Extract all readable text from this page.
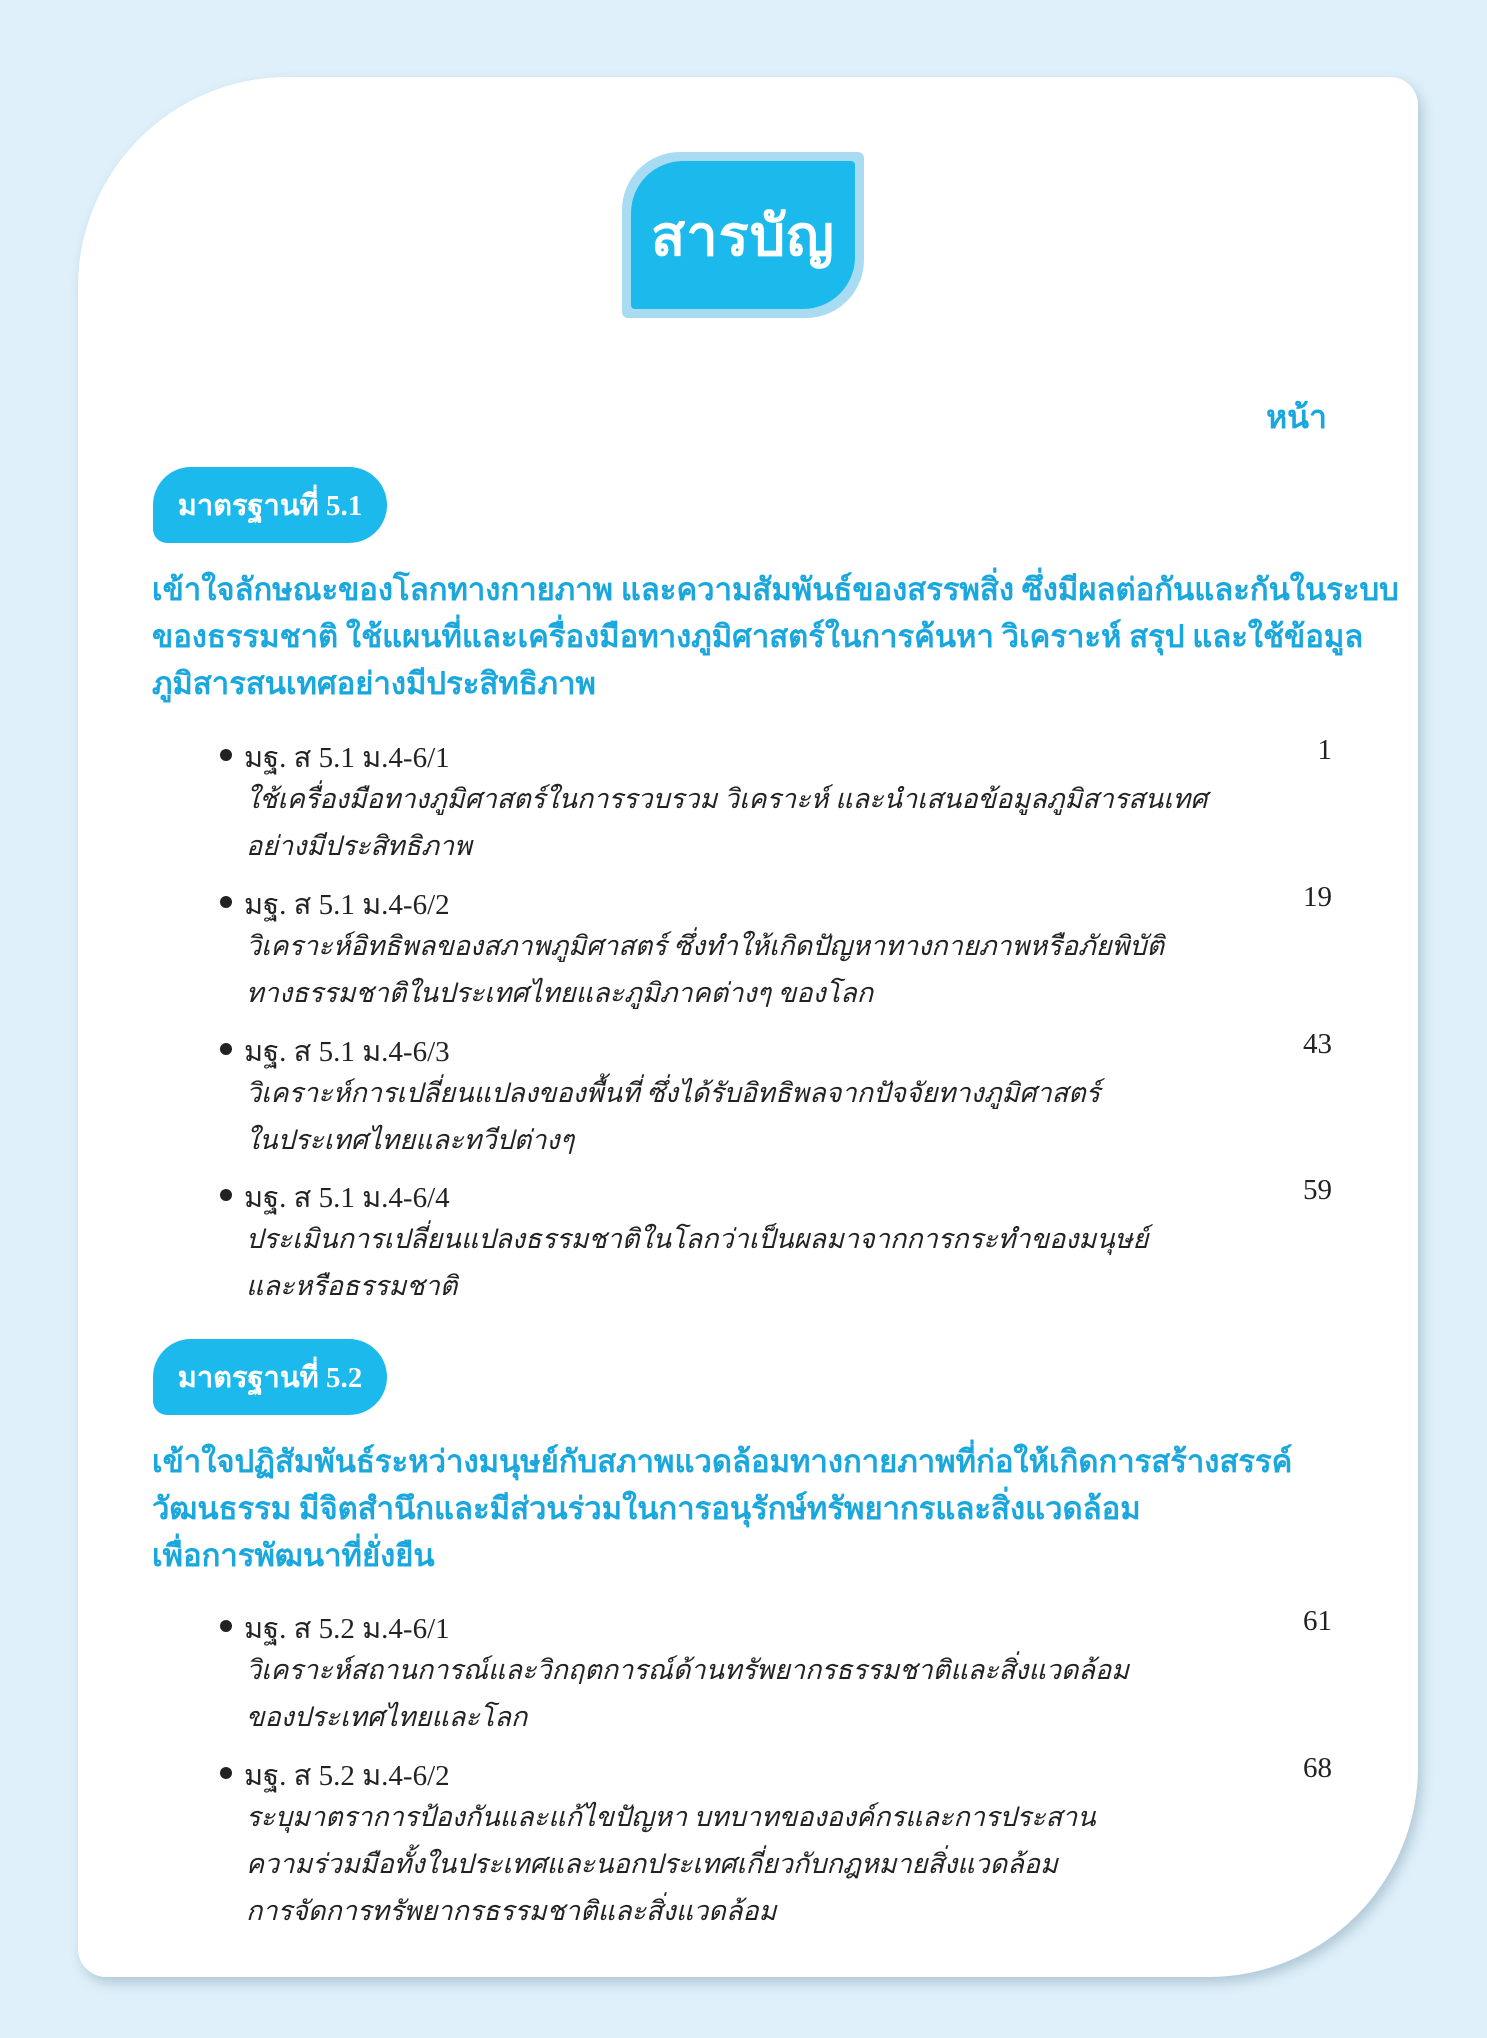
สารบัญ
หน้า
มาตรฐานที่ 5.1
เข้าใจลักษณะของโลกทางกายภาพ และความสัมพันธ์ของสรรพสิ่ง ซึ่งมีผลต่อกันและกันในระบบ
ของธรรมชาติ ใช้แผนที่และเครื่องมือทางภูมิศาสตร์ในการค้นหา วิเคราะห์ สรุป และใช้ข้อมูล
ภูมิสารสนเทศอย่างมีประสิทธิภาพ
มฐ. ส 5.1 ม.4-6/1	1
ใช้เครื่องมือทางภูมิศาสตร์ในการรวบรวม วิเคราะห์ และนำเสนอข้อมูลภูมิสารสนเทศ
อย่างมีประสิทธิภาพ
มฐ. ส 5.1 ม.4-6/2	19
วิเคราะห์อิทธิพลของสภาพภูมิศาสตร์ ซึ่งทำให้เกิดปัญหาทางกายภาพหรือภัยพิบัติ
ทางธรรมชาติในประเทศไทยและภูมิภาคต่างๆ ของโลก
มฐ. ส 5.1 ม.4-6/3	43
วิเคราะห์การเปลี่ยนแปลงของพื้นที่ ซึ่งได้รับอิทธิพลจากปัจจัยทางภูมิศาสตร์
ในประเทศไทยและทวีปต่างๆ
มฐ. ส 5.1 ม.4-6/4	59
ประเมินการเปลี่ยนแปลงธรรมชาติในโลกว่าเป็นผลมาจากการกระทำของมนุษย์
และหรือธรรมชาติ
มาตรฐานที่ 5.2
เข้าใจปฏิสัมพันธ์ระหว่างมนุษย์กับสภาพแวดล้อมทางกายภาพที่ก่อให้เกิดการสร้างสรรค์
วัฒนธรรม มีจิตสำนึกและมีส่วนร่วมในการอนุรักษ์ทรัพยากรและสิ่งแวดล้อม
เพื่อการพัฒนาที่ยั่งยืน
มฐ. ส 5.2 ม.4-6/1	61
วิเคราะห์สถานการณ์และวิกฤตการณ์ด้านทรัพยากรธรรมชาติและสิ่งแวดล้อม
ของประเทศไทยและโลก
มฐ. ส 5.2 ม.4-6/2	68
ระบุมาตราการป้องกันและแก้ไขปัญหา บทบาทขององค์กรและการประสาน
ความร่วมมือทั้งในประเทศและนอกประเทศเกี่ยวกับกฎหมายสิ่งแวดล้อม
การจัดการทรัพยากรธรรมชาติและสิ่งแวดล้อม
